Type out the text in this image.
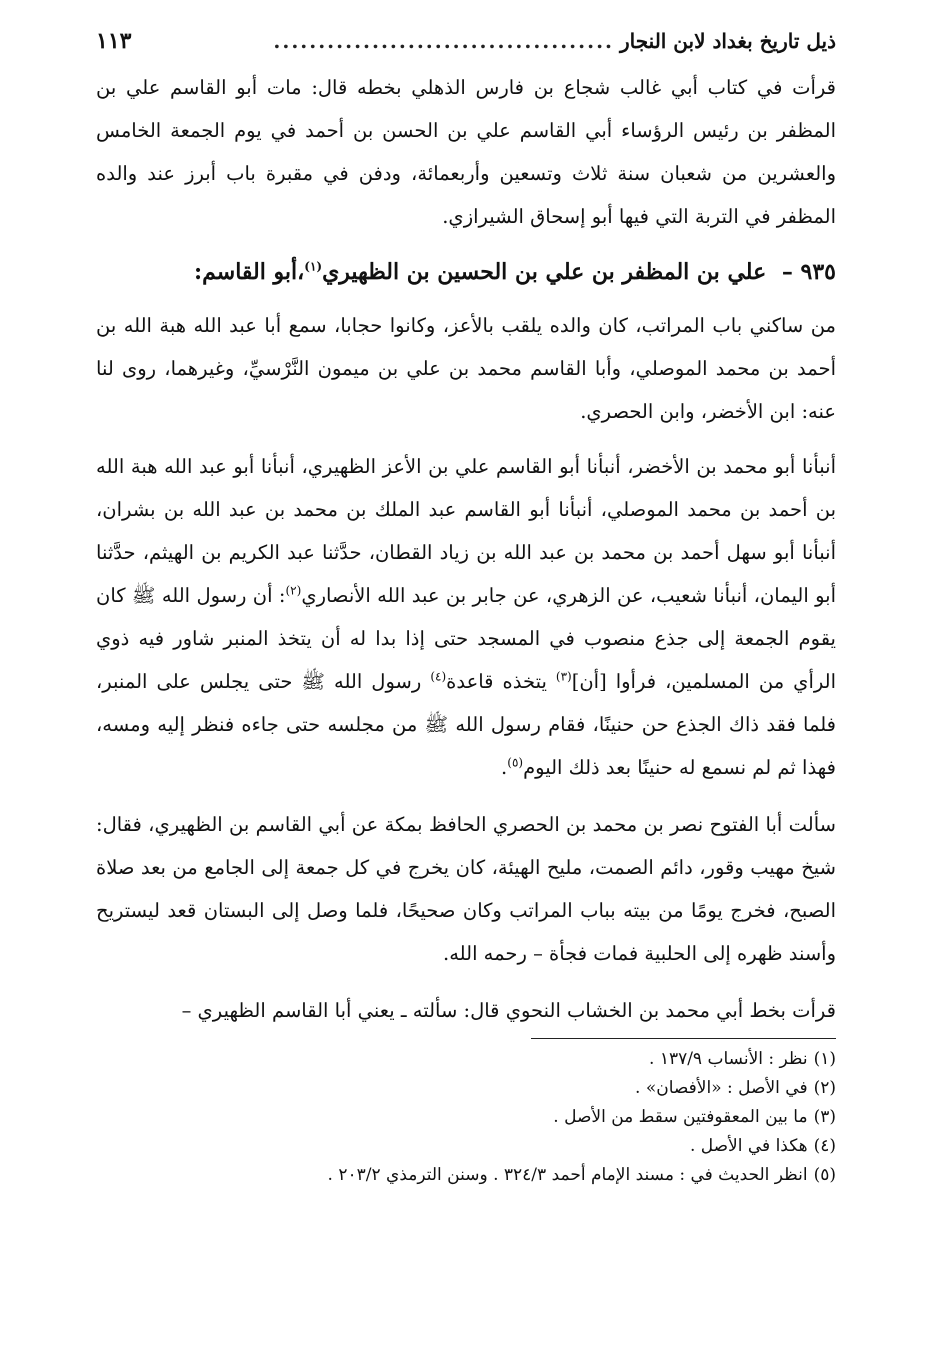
ذيل تاريخ بغداد لابن النجار
......................................
١١٣

قرأت في كتاب أبي غالب شجاع بن فارس الذهلي بخطه قال: مات أبو القاسم علي بن المظفر بن رئيس الرؤساء أبي القاسم علي بن الحسن بن أحمد في يوم الجمعة الخامس والعشرين من شعبان سنة ثلاث وتسعين وأربعمائة، ودفن في مقبرة باب أبرز عند والده المظفر في التربة التي فيها أبو إسحاق الشيرازي.

٩٣٥ – علي بن المظفر بن علي بن الحسين بن الظهيري$^{(١)}$،أبو القاسم:

من ساكني باب المراتب، كان والده يلقب بالأعز، وكانوا حجابا، سمع أبا عبد الله هبة الله بن أحمد بن محمد الموصلي، وأبا القاسم محمد بن علي بن ميمون النَّرْسيِّ، وغيرهما، روى لنا عنه: ابن الأخضر، وابن الحصري.

أنبأنا أبو محمد بن الأخضر، أنبأنا أبو القاسم علي بن الأعز الظهيري، أنبأنا أبو عبد الله هبة الله بن أحمد بن محمد الموصلي، أنبأنا أبو القاسم عبد الملك بن محمد بن عبد الله بن بشران، أنبأنا أبو سهل أحمد بن محمد بن عبد الله بن زياد القطان، حدَّثنا عبد الكريم بن الهيثم، حدَّثنا أبو اليمان، أنبأنا شعيب، عن الزهري، عن جابر بن عبد الله الأنصاري$^{(٢)}$: أن رسول الله ﷺ كان يقوم الجمعة إلى جذع منصوب في المسجد حتى إذا بدا له أن يتخذ المنبر شاور فيه ذوي الرأي من المسلمين، فرأوا [أن]$^{(٣)}$ يتخذه قاعدة$^{(٤)}$ رسول الله ﷺ حتى يجلس على المنبر، فلما فقد ذاك الجذع حن حنينًا، فقام رسول الله ﷺ من مجلسه حتى جاءه فنظر إليه ومسه، فهذا ثم لم نسمع له حنينًا بعد ذلك اليوم$^{(٥)}$.

سألت أبا الفتوح نصر بن محمد بن الحصري الحافظ بمكة عن أبي القاسم بن الظهيري، فقال: شيخ مهيب وقور، دائم الصمت، مليح الهيئة، كان يخرج في كل جمعة إلى الجامع من بعد صلاة الصبح، فخرج يومًا من بيته بباب المراتب وكان صحيحًا، فلما وصل إلى البستان قعد ليستريح وأسند ظهره إلى الحلبية فمات فجأة – رحمه الله.

قرأت بخط أبي محمد بن الخشاب النحوي قال: سألته ـ يعني أبا القاسم الظهيري –

(١)نظر : الأنساب ١٣٧/٩ .
(٢)في الأصل : «الأفصان» .
(٣)ما بين المعقوفتين سقط من الأصل .
(٤)هكذا في الأصل .
(٥)انظر الحديث في : مسند الإمام أحمد ٣٢٤/٣ . وسنن الترمذي ٢٠٣/٢ .
